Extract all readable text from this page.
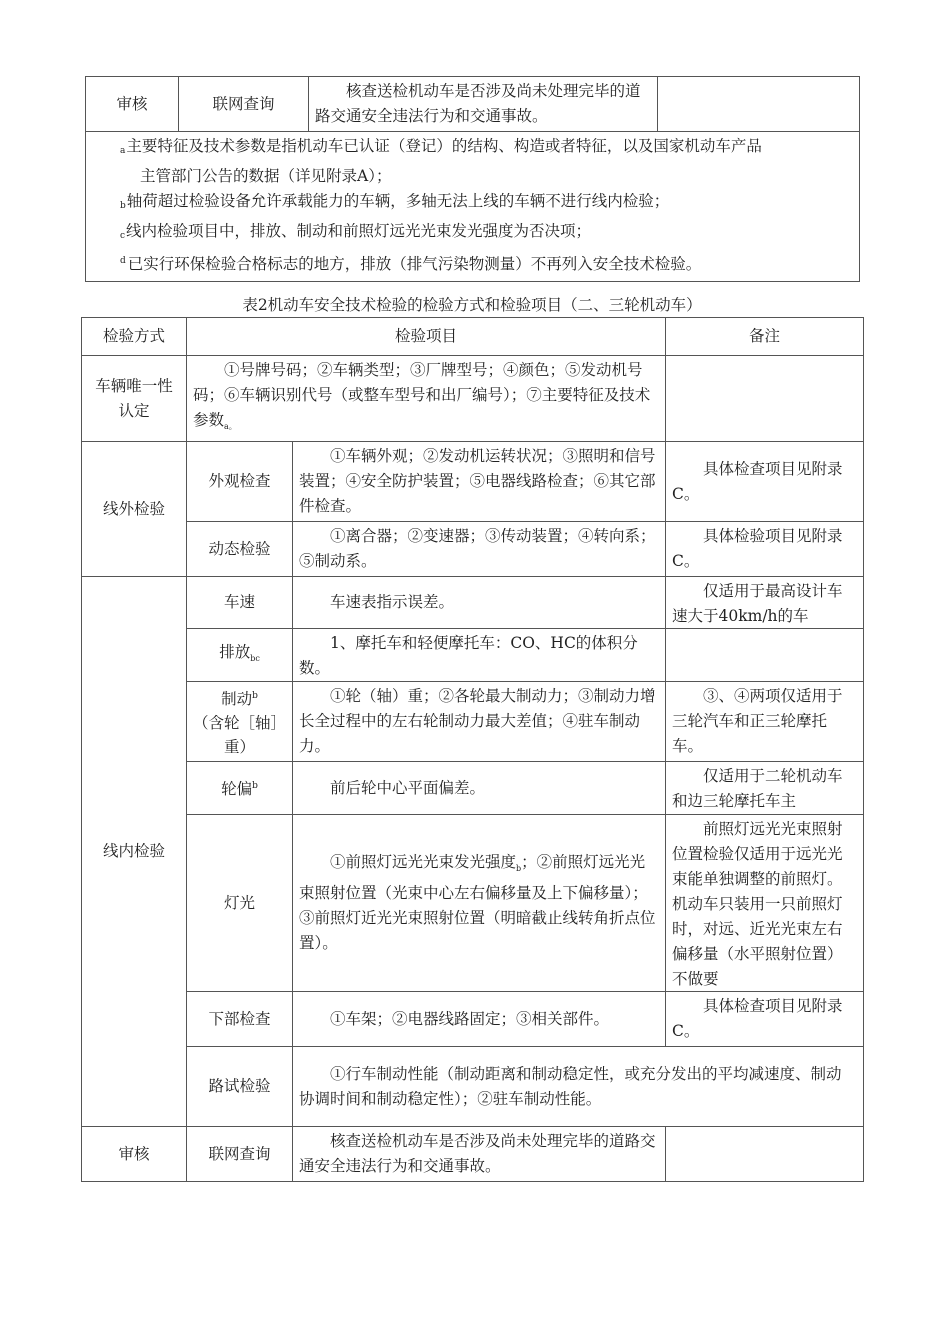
审核	联网查询	核查送检机动车是否涉及尚未处理完毕的道路交通安全违法行为和交通事故。	

a主要特征及技术参数是指机动车已认证（登记）的结构、构造或者特征，以及国家机动车产品
主管部门公告的数据（详见附录A）；
b轴荷超过检验设备允许承载能力的车辆，多轴无法上线的车辆不进行线内检验；
c线内检验项目中，排放、制动和前照灯远光光束发光强度为否决项；
$^d$ 已实行环保检验合格标志的地方，排放（排气污染物测量）不再列入安全技术检验。
表2机动车安全技术检验的检验方式和检验项目（二、三轮机动车）
检验方式	检验项目		备注	
车辆唯一性认定	①号牌号码；②车辆类型；③厂牌型号；④颜色；⑤发动机号码；⑥车辆识别代号（或整车型号和出厂编号）；⑦主要特征及技术参数$_{a。}$	
线外检验	外观检查	①车辆外观；②发动机运转状况；③照明和信号装置；④安全防护装置；⑤电器线路检查；⑥其它部件检查。	具体检查项目见附录C。	
	动态检验	①离合器；②变速器；③传动装置；④转向系；⑤制动系。	具体检验项目见附录C。	
线内检验	车速	车速表指示误差。	仅适用于最高设计车速大于40km/h的车	

	排放$_{bc}$	1、摩托车和轻便摩托车：CO、HC的体积分数。		

	制动$^b$
（含轮［轴］重）	①轮（轴）重；②各轮最大制动力；③制动力增长全过程中的左右轮制动力最大差值；④驻车制动力。	③、④两项仅适用于三轮汽车和正三轮摩托车。	
	轮偏$^b$	前后轮中心平面偏差。	仅适用于二轮机动车和边三轮摩托车主	

	灯光	①前照灯远光光束发光强度$_b$；②前照灯远光光束照射位置（光束中心左右偏移量及上下偏移量）；③前照灯近光光束照射位置（明暗截止线转角折点位置）。	前照灯远光光束照射位置检验仅适用于远光光束能单独调整的前照灯。机动车只装用一只前照灯时，对远、近光光束左右偏移量（水平照射位置）不做要	

	下部检查	①车架；②电器线路固定；③相关部件。	具体检查项目见附录C。	
	路试检验	①行车制动性能（制动距离和制动稳定性，或充分发出的平均减速度、制动协调时间和制动稳定性）；②驻车制动性能。	

审核	联网查询	核查送检机动车是否涉及尚未处理完毕的道路交通安全违法行为和交通事故。		
